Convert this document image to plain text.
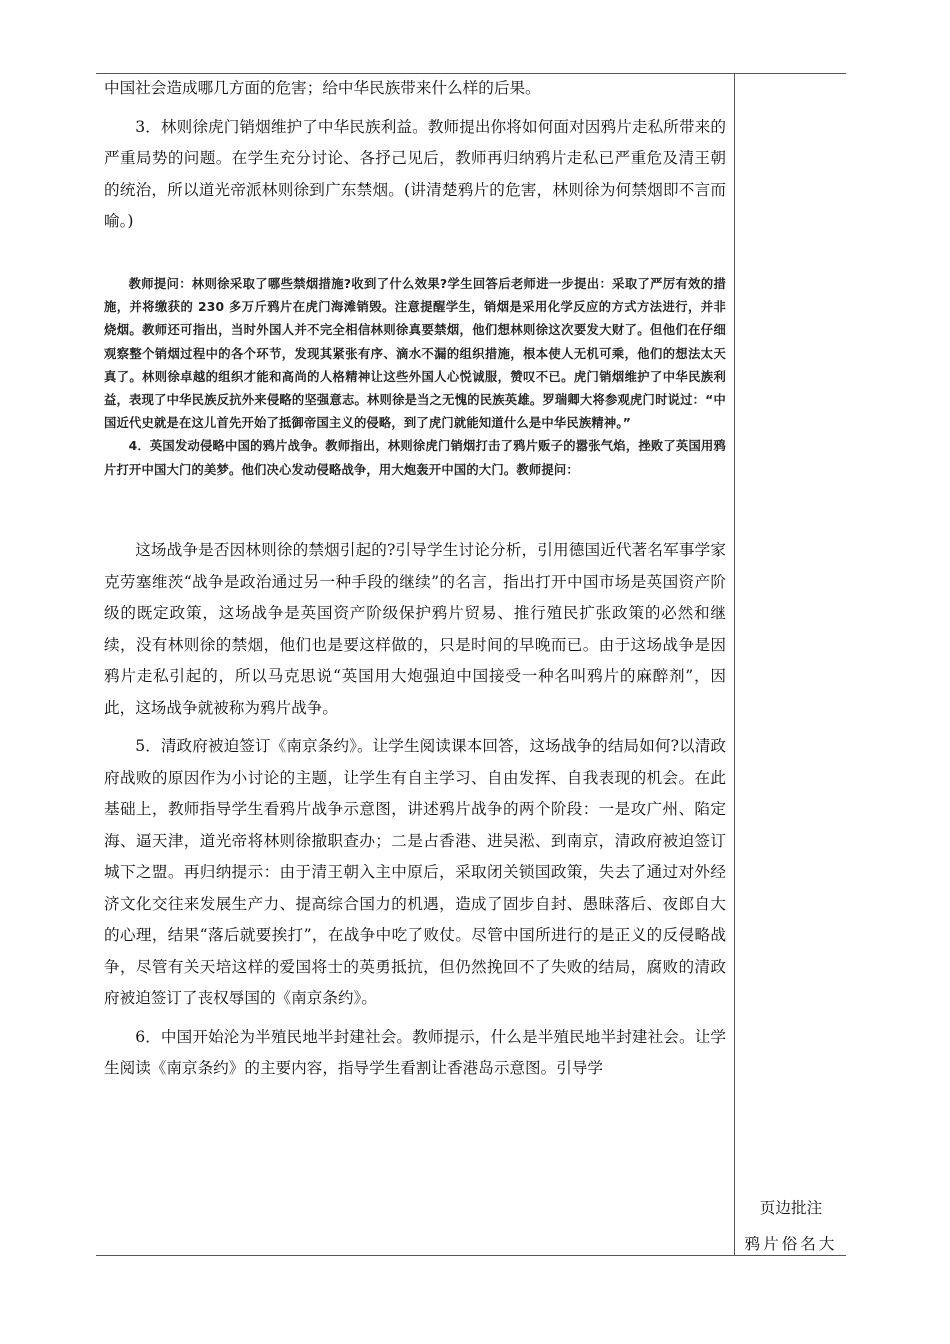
中国社会造成哪几方面的危害；给中华民族带来什么样的后果。

3．林则徐虎门销烟维护了中华民族利益。教师提出你将如何面对因鸦片走私所带来的严重局势的问题。在学生充分讨论、各抒己见后，教师再归纳鸦片走私已严重危及清王朝的统治，所以道光帝派林则徐到广东禁烟。(讲清楚鸦片的危害，林则徐为何禁烟即不言而喻。)

教师提问：林则徐采取了哪些禁烟措施?收到了什么效果?学生回答后老师进一步提出：采取了严厉有效的措施，并将缴获的 230 多万斤鸦片在虎门海滩销毁。注意提醒学生，销烟是采用化学反应的方式方法进行，并非烧烟。教师还可指出，当时外国人并不完全相信林则徐真要禁烟，他们想林则徐这次要发大财了。但他们在仔细观察整个销烟过程中的各个环节，发现其紧张有序、滴水不漏的组织措施，根本使人无机可乘，他们的想法太天真了。林则徐卓越的组织才能和高尚的人格精神让这些外国人心悦诚服，赞叹不已。虎门销烟维护了中华民族利益，表现了中华民族反抗外来侵略的坚强意志。林则徐是当之无愧的民族英雄。罗瑞卿大将参观虎门时说过：“中国近代史就是在这儿首先开始了抵御帝国主义的侵略，到了虎门就能知道什么是中华民族精神。”

4．英国发动侵略中国的鸦片战争。教师指出，林则徐虎门销烟打击了鸦片贩子的嚣张气焰，挫败了英国用鸦片打开中国大门的美梦。他们决心发动侵略战争，用大炮轰开中国的大门。教师提问：

这场战争是否因林则徐的禁烟引起的?引导学生讨论分析，引用德国近代著名军事学家克劳塞维茨“战争是政治通过另一种手段的继续”的名言，指出打开中国市场是英国资产阶级的既定政策，这场战争是英国资产阶级保护鸦片贸易、推行殖民扩张政策的必然和继续，没有林则徐的禁烟，他们也是要这样做的，只是时间的早晚而已。由于这场战争是因鸦片走私引起的，所以马克思说“英国用大炮强迫中国接受一种名叫鸦片的麻醉剂”，因此，这场战争就被称为鸦片战争。

5．清政府被迫签订《南京条约》。让学生阅读课本回答，这场战争的结局如何?以清政府战败的原因作为小讨论的主题，让学生有自主学习、自由发挥、自我表现的机会。在此基础上，教师指导学生看鸦片战争示意图，讲述鸦片战争的两个阶段：一是攻广州、陷定海、逼天津，道光帝将林则徐撤职查办；二是占香港、进吴淞、到南京，清政府被迫签订城下之盟。再归纳提示：由于清王朝入主中原后，采取闭关锁国政策，失去了通过对外经济文化交往来发展生产力、提高综合国力的机遇，造成了固步自封、愚昧落后、夜郎自大的心理，结果“落后就要挨打”，在战争中吃了败仗。尽管中国所进行的是正义的反侵略战争，尽管有关天培这样的爱国将士的英勇抵抗，但仍然挽回不了失败的结局，腐败的清政府被迫签订了丧权辱国的《南京条约》。

6．中国开始沦为半殖民地半封建社会。教师提示，什么是半殖民地半封建社会。让学生阅读《南京条约》的主要内容，指导学生看割让香港岛示意图。引导学

页边批注
鸦片俗名大
